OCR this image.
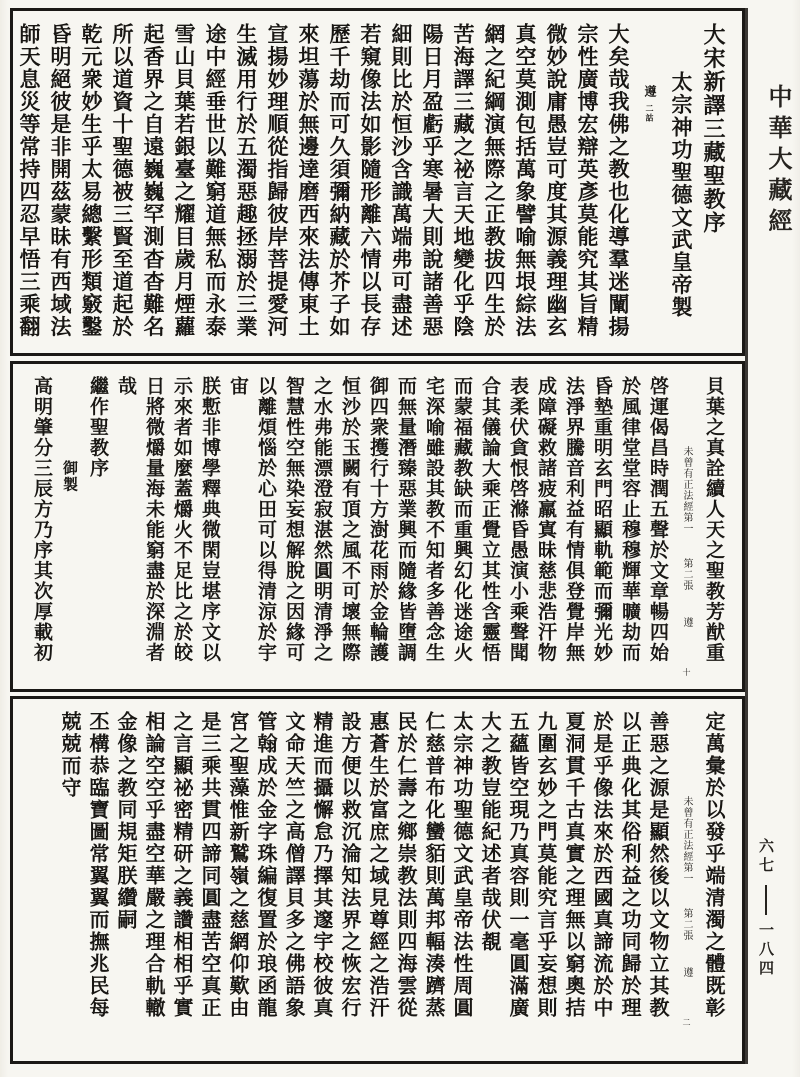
大宋新譯三藏聖教序
太宗神功聖德文武皇帝製遵二詁
大矣哉我佛之教也化導羣迷闡揚
宗性廣博宏辯英彥莫能究其旨精
微妙說庸愚豈可度其源義理幽玄
真空莫測包括萬象譬喻無垠綜法
網之紀綱演無際之正教拔四生於
苦海譯三藏之祕言天地變化乎陰
陽日月盈虧乎寒暑大則說諸善惡
細則比於恒沙含識萬端弗可盡述
若窺像法如影隨形離六情以長存
歷千劫而可久須彌納藏於芥子如
來坦蕩於無邊達磨西來法傳東土
宣揚妙理順從指歸彼岸菩提愛河
生滅用行於五濁惡趣拯溺於三業
途中經垂世以難窮道無私而永泰
雪山貝葉若銀臺之耀目歲月煙蘿
起香界之自遠巍巍罕測杳杳難名
所以道資十聖德被三賢至道起於
乾元衆妙生乎太易總繫形類竅鑿
昏明絕彼是非開茲蒙昧有西域法
師天息災等常持四忍早悟三乘翻
貝葉之真詮續人天之聖教芳猷重
未曾有正法經第一第二張遵十
啓運偈昌時潤五聲於文章暢四始
於風律堂堂容止穆穆輝華曠劫而
昏墊重明玄門昭顯軌範而彌光妙
法淨界騰音利益有情俱登覺岸無
成障礙救諸疲羸寘昧慈悲浩汗物
表柔伏貪恨啓滌昏愚演小乘聲聞
合其儀論大乘正覺立其性含靈悟
而蒙福藏教缺而重興幻化迷途火
宅深喻雖設其教不知者多善念生
而無量潛臻惡業興而隨緣皆墮調
御四衆擭行十方澍花雨於金輪護
恒沙於玉闕有頂之風不可壞無際
之水弗能漂澄寂湛然圓明清淨之
智慧性空無染妄想解脫之因緣可
以離煩惱於心田可以得清涼於宇宙
朕慙非博學釋典微閑豈堪序文以
示來者如麼蓋爝火不足比之於皎
日將微爝量海未能窮盡於深淵者
哉
繼作聖教序
御製
高明肇分三辰方乃序其次厚載初
定萬彙於以發乎端清濁之體既彰
未曾有正法經第一第二張遵二
善惡之源是顯然後以文物立其教
以正典化其俗利益之功同歸於理
於是乎像法來於西國真諦流於中
夏洞貫千古真實之理無以窮奧拮
九圍玄妙之門莫能究言乎妄想則
五蘊皆空現乃真容則一毫圓滿廣
大之教豈能紀述者哉伏覩
太宗神功聖德文武皇帝法性周圓
仁慈普布化蠻貊則萬邦輻湊躋蒸
民於仁壽之鄉崇教法則四海雲從
惠蒼生於富庶之域見尊經之浩汗
設方便以救沉淪知法界之恢宏行
精進而攝懈怠乃擇其邃宇校彼真
文命天竺之高僧譯貝多之佛語象
管翰成於金字珠編復置於琅函龍
宮之聖藻惟新鷲嶺之慈網仰歎由
是三乘共貫四諦同圓盡苦空真正
之言顯祕密精研之義讚相相乎實
相論空空乎盡空華嚴之理合軌轍
金像之教同規矩朕纘嗣
丕構恭臨寶圖常翼翼而撫兆民每
兢兢而守
中華大藏經
六七一八四
